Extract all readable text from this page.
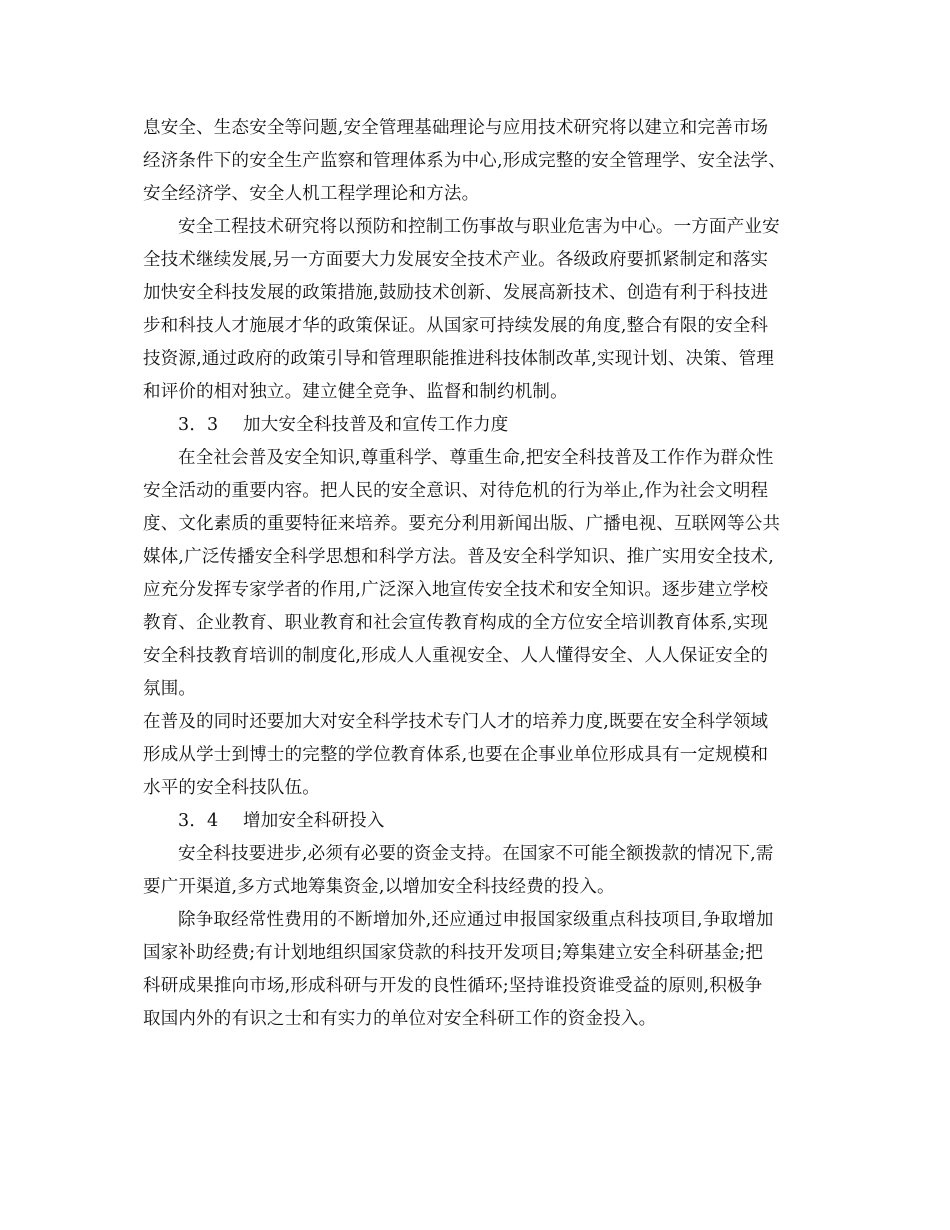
息安全、生态安全等问题,安全管理基础理论与应用技术研究将以建立和完善市场
经济条件下的安全生产监察和管理体系为中心,形成完整的安全管理学、安全法学、
安全经济学、安全人机工程学理论和方法。
安全工程技术研究将以预防和控制工伤事故与职业危害为中心。一方面产业安
全技术继续发展,另一方面要大力发展安全技术产业。各级政府要抓紧制定和落实
加快安全科技发展的政策措施,鼓励技术创新、发展高新技术、创造有利于科技进
步和科技人才施展才华的政策保证。从国家可持续发展的角度,整合有限的安全科
技资源,通过政府的政策引导和管理职能推进科技体制改革,实现计划、决策、管理
和评价的相对独立。建立健全竞争、监督和制约机制。
3．3 加大安全科技普及和宣传工作力度
在全社会普及安全知识,尊重科学、尊重生命,把安全科技普及工作作为群众性
安全活动的重要内容。把人民的安全意识、对待危机的行为举止,作为社会文明程
度、文化素质的重要特征来培养。要充分利用新闻出版、广播电视、互联网等公共
媒体,广泛传播安全科学思想和科学方法。普及安全科学知识、推广实用安全技术,
应充分发挥专家学者的作用,广泛深入地宣传安全技术和安全知识。逐步建立学校
教育、企业教育、职业教育和社会宣传教育构成的全方位安全培训教育体系,实现
安全科技教育培训的制度化,形成人人重视安全、人人懂得安全、人人保证安全的
氛围。
在普及的同时还要加大对安全科学技术专门人才的培养力度,既要在安全科学领域
形成从学士到博士的完整的学位教育体系,也要在企事业单位形成具有一定规模和
水平的安全科技队伍。
3．4 增加安全科研投入
安全科技要进步,必须有必要的资金支持。在国家不可能全额拨款的情况下,需
要广开渠道,多方式地筹集资金,以增加安全科技经费的投入。
除争取经常性费用的不断增加外,还应通过申报国家级重点科技项目,争取增加
国家补助经费;有计划地组织国家贷款的科技开发项目;筹集建立安全科研基金;把
科研成果推向市场,形成科研与开发的良性循环;坚持谁投资谁受益的原则,积极争
取国内外的有识之士和有实力的单位对安全科研工作的资金投入。
